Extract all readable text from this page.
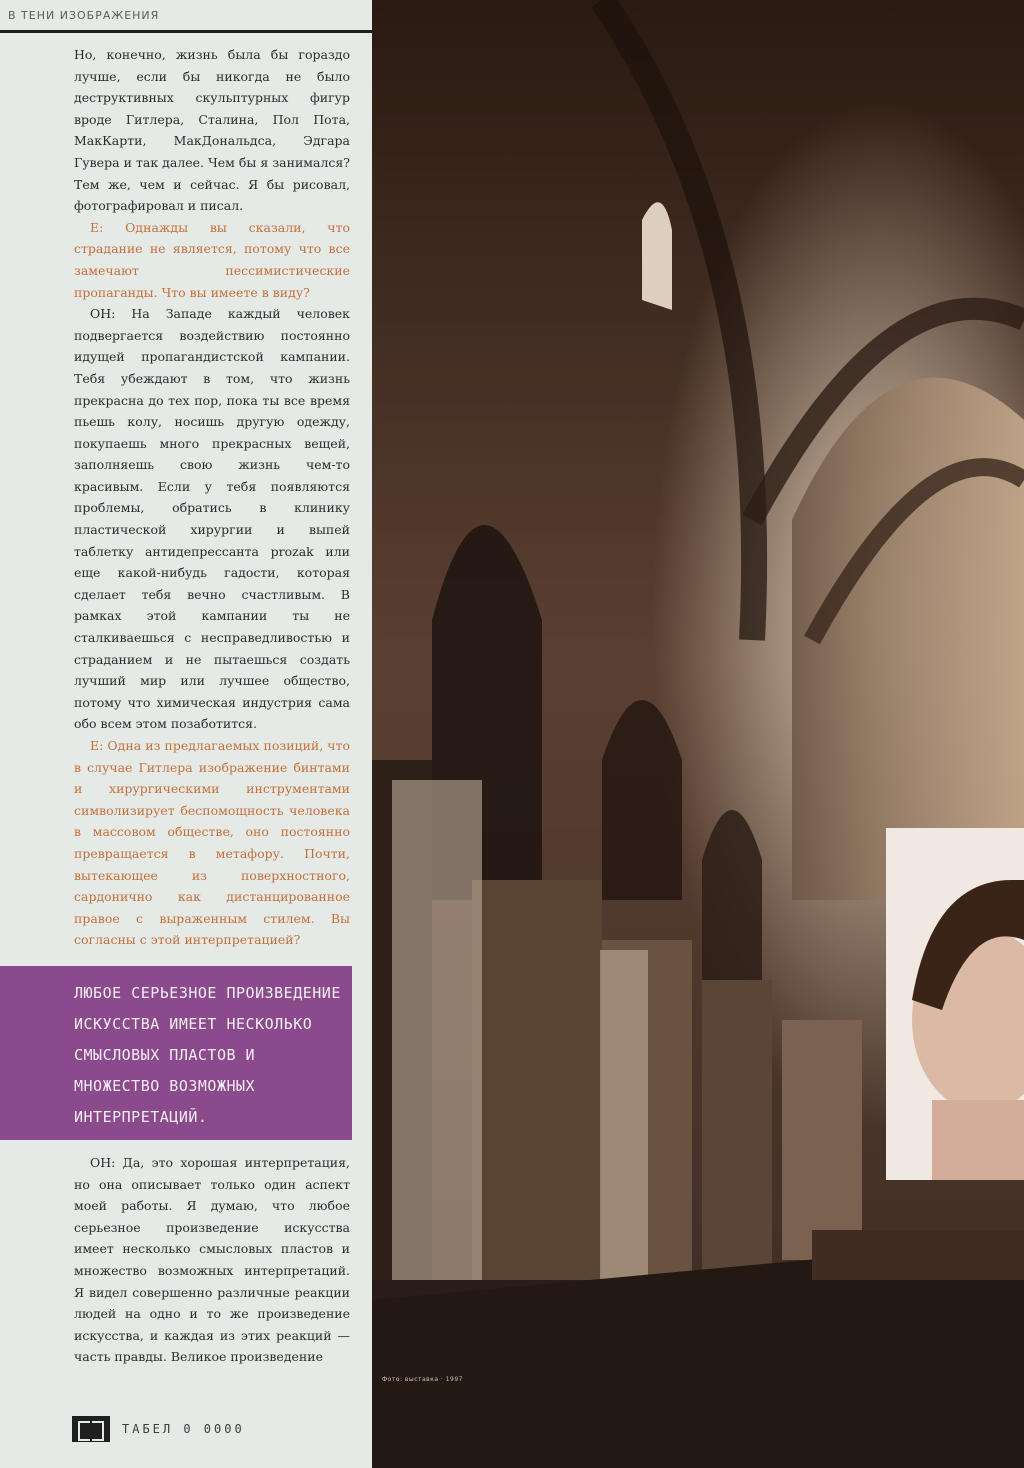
В ТЕНИ ИЗОБРАЖЕНИЯ

Но, конечно, жизнь была бы гораздо лучше, если бы никогда не было деструктивных скульптурных фигур вроде Гитлера, Сталина, Пол Пота, МакКарти, МакДональдса, Эдгара Гувера и так далее. Чем бы я занимался? Тем же, чем и сейчас. Я бы рисовал, фотографировал и писал.

Е: Однажды вы сказали, что страдание не является, потому что все замечают пессимистические пропаганды. Что вы имеете в виду?

ОН: На Западе каждый человек подвергается воздействию постоянно идущей пропагандистской кампании. Тебя убеждают в том, что жизнь прекрасна до тех пор, пока ты все время пьешь колу, носишь другую одежду, покупаешь много прекрасных вещей, заполняешь свою жизнь чем-то красивым. Если у тебя появляются проблемы, обратись в клинику пластической хирургии и выпей таблетку антидепрессанта prozak или еще какой-нибудь гадости, которая сделает тебя вечно счастливым. В рамках этой кампании ты не сталкиваешься с несправедливостью и страданием и не пытаешься создать лучший мир или лучшее общество, потому что химическая индустрия сама обо всем этом позаботится.

Е: Одна из предлагаемых позиций, что в случае Гитлера изображение бинтами и хирургическими инструментами символизирует беспомощность человека в массовом обществе, оно постоянно превращается в метафору. Почти, вытекающее из поверхностного, сардонично как дистанцированное правое с выраженным стилем. Вы согласны с этой интерпретацией?

ЛЮБОЕ СЕРЬЕЗНОЕ ПРОИЗВЕДЕНИЕ ИСКУССТВА ИМЕЕТ НЕСКОЛЬКО СМЫСЛОВЫХ ПЛАСТОВ И МНОЖЕСТВО ВОЗМОЖНЫХ ИНТЕРПРЕТАЦИЙ.

ОН: Да, это хорошая интерпретация, но она описывает только один аспект моей работы. Я думаю, что любое серьезное произведение искусства имеет несколько смысловых пластов и множество возможных интерпретаций. Я видел совершенно различные реакции людей на одно и то же произведение искусства, и каждая из этих реакций — часть правды. Великое произведение

ТАБЕЛ 0 0000
Фото: выставка · 1997
